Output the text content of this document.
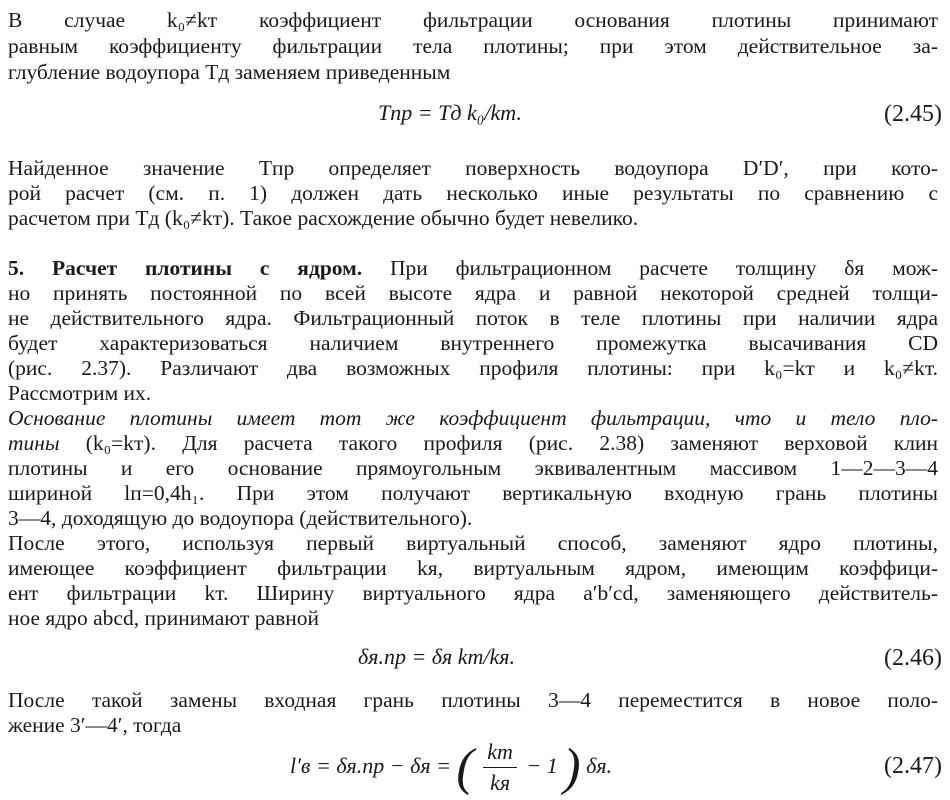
В случае k₀≠kт коэффициент фильтрации основания плотины принимают
равным коэффициенту фильтрации тела плотины; при этом действительное за-
глубление водоупора Tд заменяем приведенным
Tпр = Tд k₀/kт.	(2.45)
Найденное значение Tпр определяет поверхность водоупора D′D′, при кото-
рой расчет (см. п. 1) должен дать несколько иные результаты по сравнению с
расчетом при Tд (k₀≠kт). Такое расхождение обычно будет невелико.
5. Расчет плотины с ядром. При фильтрационном расчете толщину δя мож-
но принять постоянной по всей высоте ядра и равной некоторой средней толщи-
не действительного ядра. Фильтрационный поток в теле плотины при наличии ядра
будет характеризоваться наличием внутреннего промежутка высачивания CD
(рис. 2.37). Различают два возможных профиля плотины: при k₀=kт и k₀≠kт.
Рассмотрим их.
Основание плотины имеет тот же коэффициент фильтрации, что и тело пло-
тины (k₀=kт). Для расчета такого профиля (рис. 2.38) заменяют верховой клин
плотины и его основание прямоугольным эквивалентным массивом 1—2—3—4
шириной lп=0,4h₁. При этом получают вертикальную входную грань плотины
3—4, доходящую до водоупора (действительного).
После этого, используя первый виртуальный способ, заменяют ядро плотины,
имеющее коэффициент фильтрации kя, виртуальным ядром, имеющим коэффици-
ент фильтрации kт. Ширину виртуального ядра a′b′cd, заменяющего действитель-
ное ядро abcd, принимают равной
δя.пр = δя kт/kя.	(2.46)
После такой замены входная грань плотины 3—4 переместится в новое поло-
жение 3′—4′, тогда
l′в = δя.пр − δя = ( $\frac{kт}{kя} - 1$ ) δя.	(2.47)
